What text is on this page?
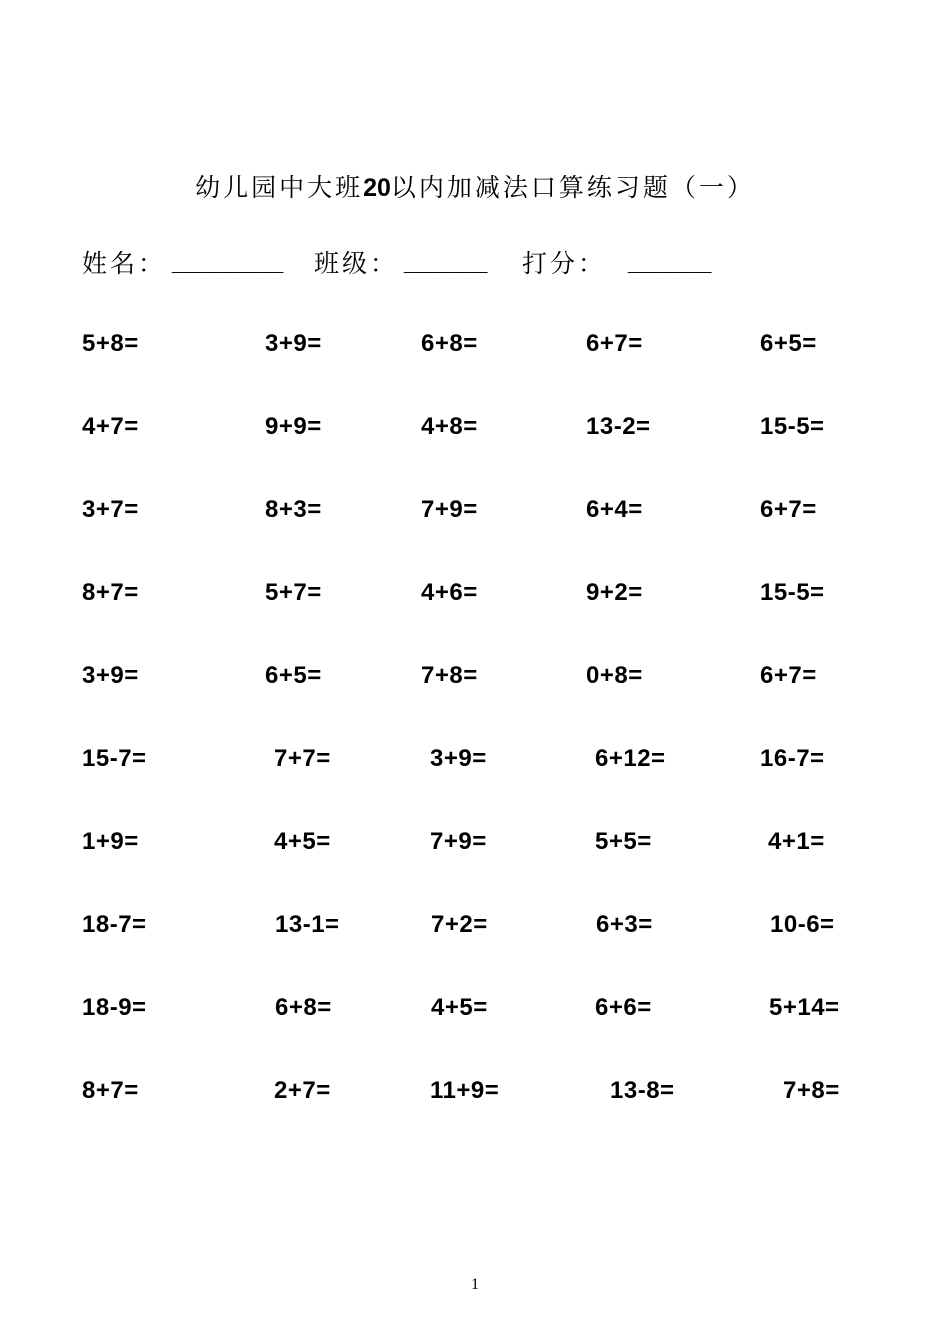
幼儿园中大班20以内加减法口算练习题（一）
姓名： ________ 班级： ______ 打分： ______
5+8=	3+9=	6+8=	6+7=	6+5=
4+7=	9+9=	4+8=	13-2=	15-5=
3+7=	8+3=	7+9=	6+4=	6+7=
8+7=	5+7=	4+6=	9+2=	15-5=
3+9=	6+5=	7+8=	0+8=	6+7=
15-7=	7+7=	3+9=	6+12=	16-7=
1+9=	4+5=	7+9=	5+5=	4+1=
18-7=	13-1=	7+2=	6+3=	10-6=
18-9=	6+8=	4+5=	6+6=	5+14=
8+7=	2+7=	11+9=	13-8=	7+8=
1
